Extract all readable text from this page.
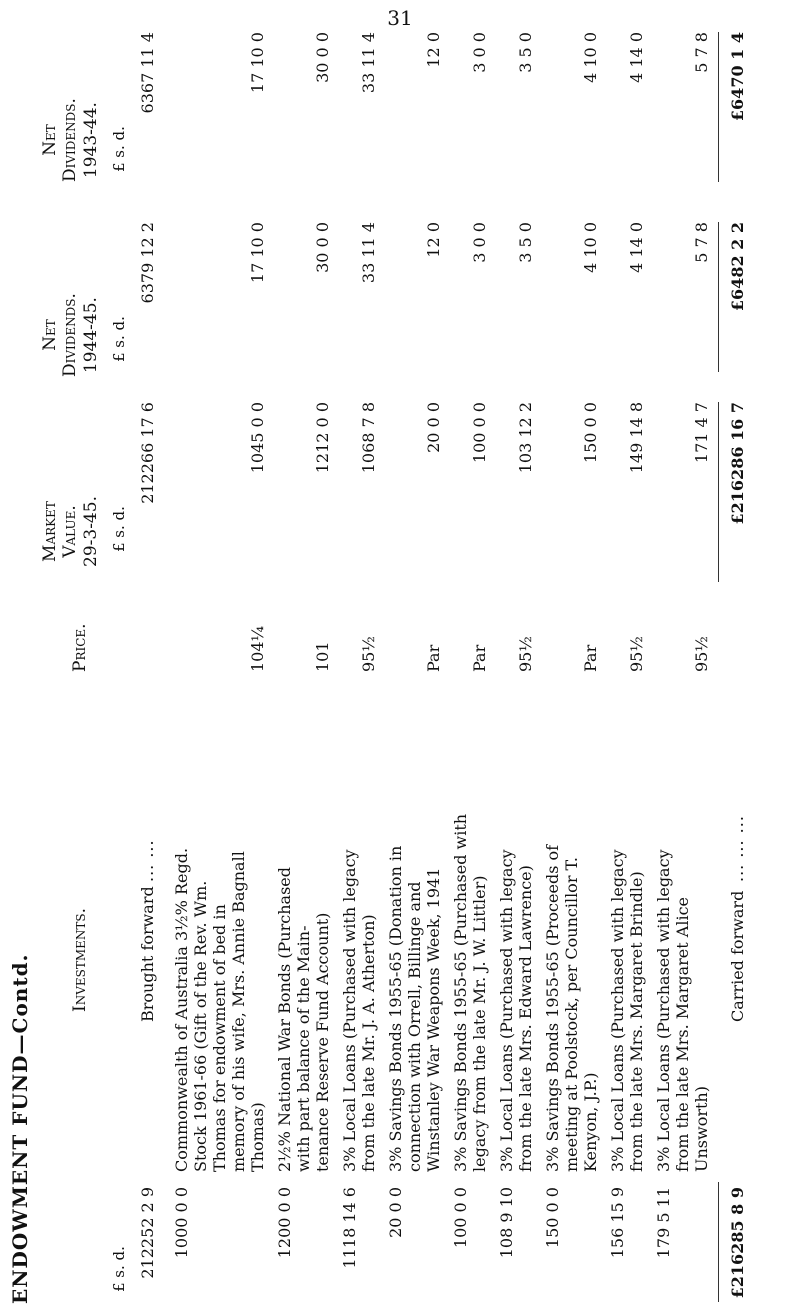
31
ENDOWMENT FUND—Contd. Investments.
Price.
Market Value. 29-3-45.
Net Dividends. 1944-45.
Net Dividends. 1943-44.
£ s. d.
£ s. d.
£ s. d.
£ s. d.
212252 2 9
Brought forward
... ...
212266 17 6
6379 12 2
6367 11 4
1000 0 0
Commonwealth of Australia 3½% Regd. Stock 1961-66 (Gift of the Rev. Wm. Thomas for endowment of bed in memory of his wife, Mrs. Annie Bagnall Thomas)
104¼
1045 0 0
17 10 0
17 10 0
1200 0 0
2½% National War Bonds (Purchased with part balance of the Main- tenance Reserve Fund Account)
101
1212 0 0
30 0 0
30 0 0
1118 14 6
3% Local Loans (Purchased with legacy from the late Mr. J. A. Atherton)
95½
1068 7 8
33 11 4
33 11 4
20 0 0
3% Savings Bonds 1955-65 (Donation in connection with Orrell, Billinge and Winstanley War Weapons Week, 1941
Par
20 0 0
12 0
12 0
100 0 0
3% Savings Bonds 1955-65 (Purchased with legacy from the late Mr. J. W. Littler)
Par
100 0 0
3 0 0
3 0 0
108 9 10
3% Local Loans (Purchased with legacy from the late Mrs. Edward Lawrence)
95½
103 12 2
3 5 0
3 5 0
150 0 0
3% Savings Bonds 1955-65 (Proceeds of meeting at Poolstock, per Councillor T. Kenyon, J.P.)
Par
150 0 0
4 10 0
4 10 0
156 15 9
3% Local Loans (Purchased with legacy from the late Mrs. Margaret Brindle)
95½
149 14 8
4 14 0
4 14 0
179 5 11
3% Local Loans (Purchased with legacy from the late Mrs. Margaret Alice Unsworth)
95½
171 4 7
5 7 8
5 7 8
£216285 8 9
Carried forward
... ... ...
£216286 16 7
£6482 2 2
£6470 1 4
